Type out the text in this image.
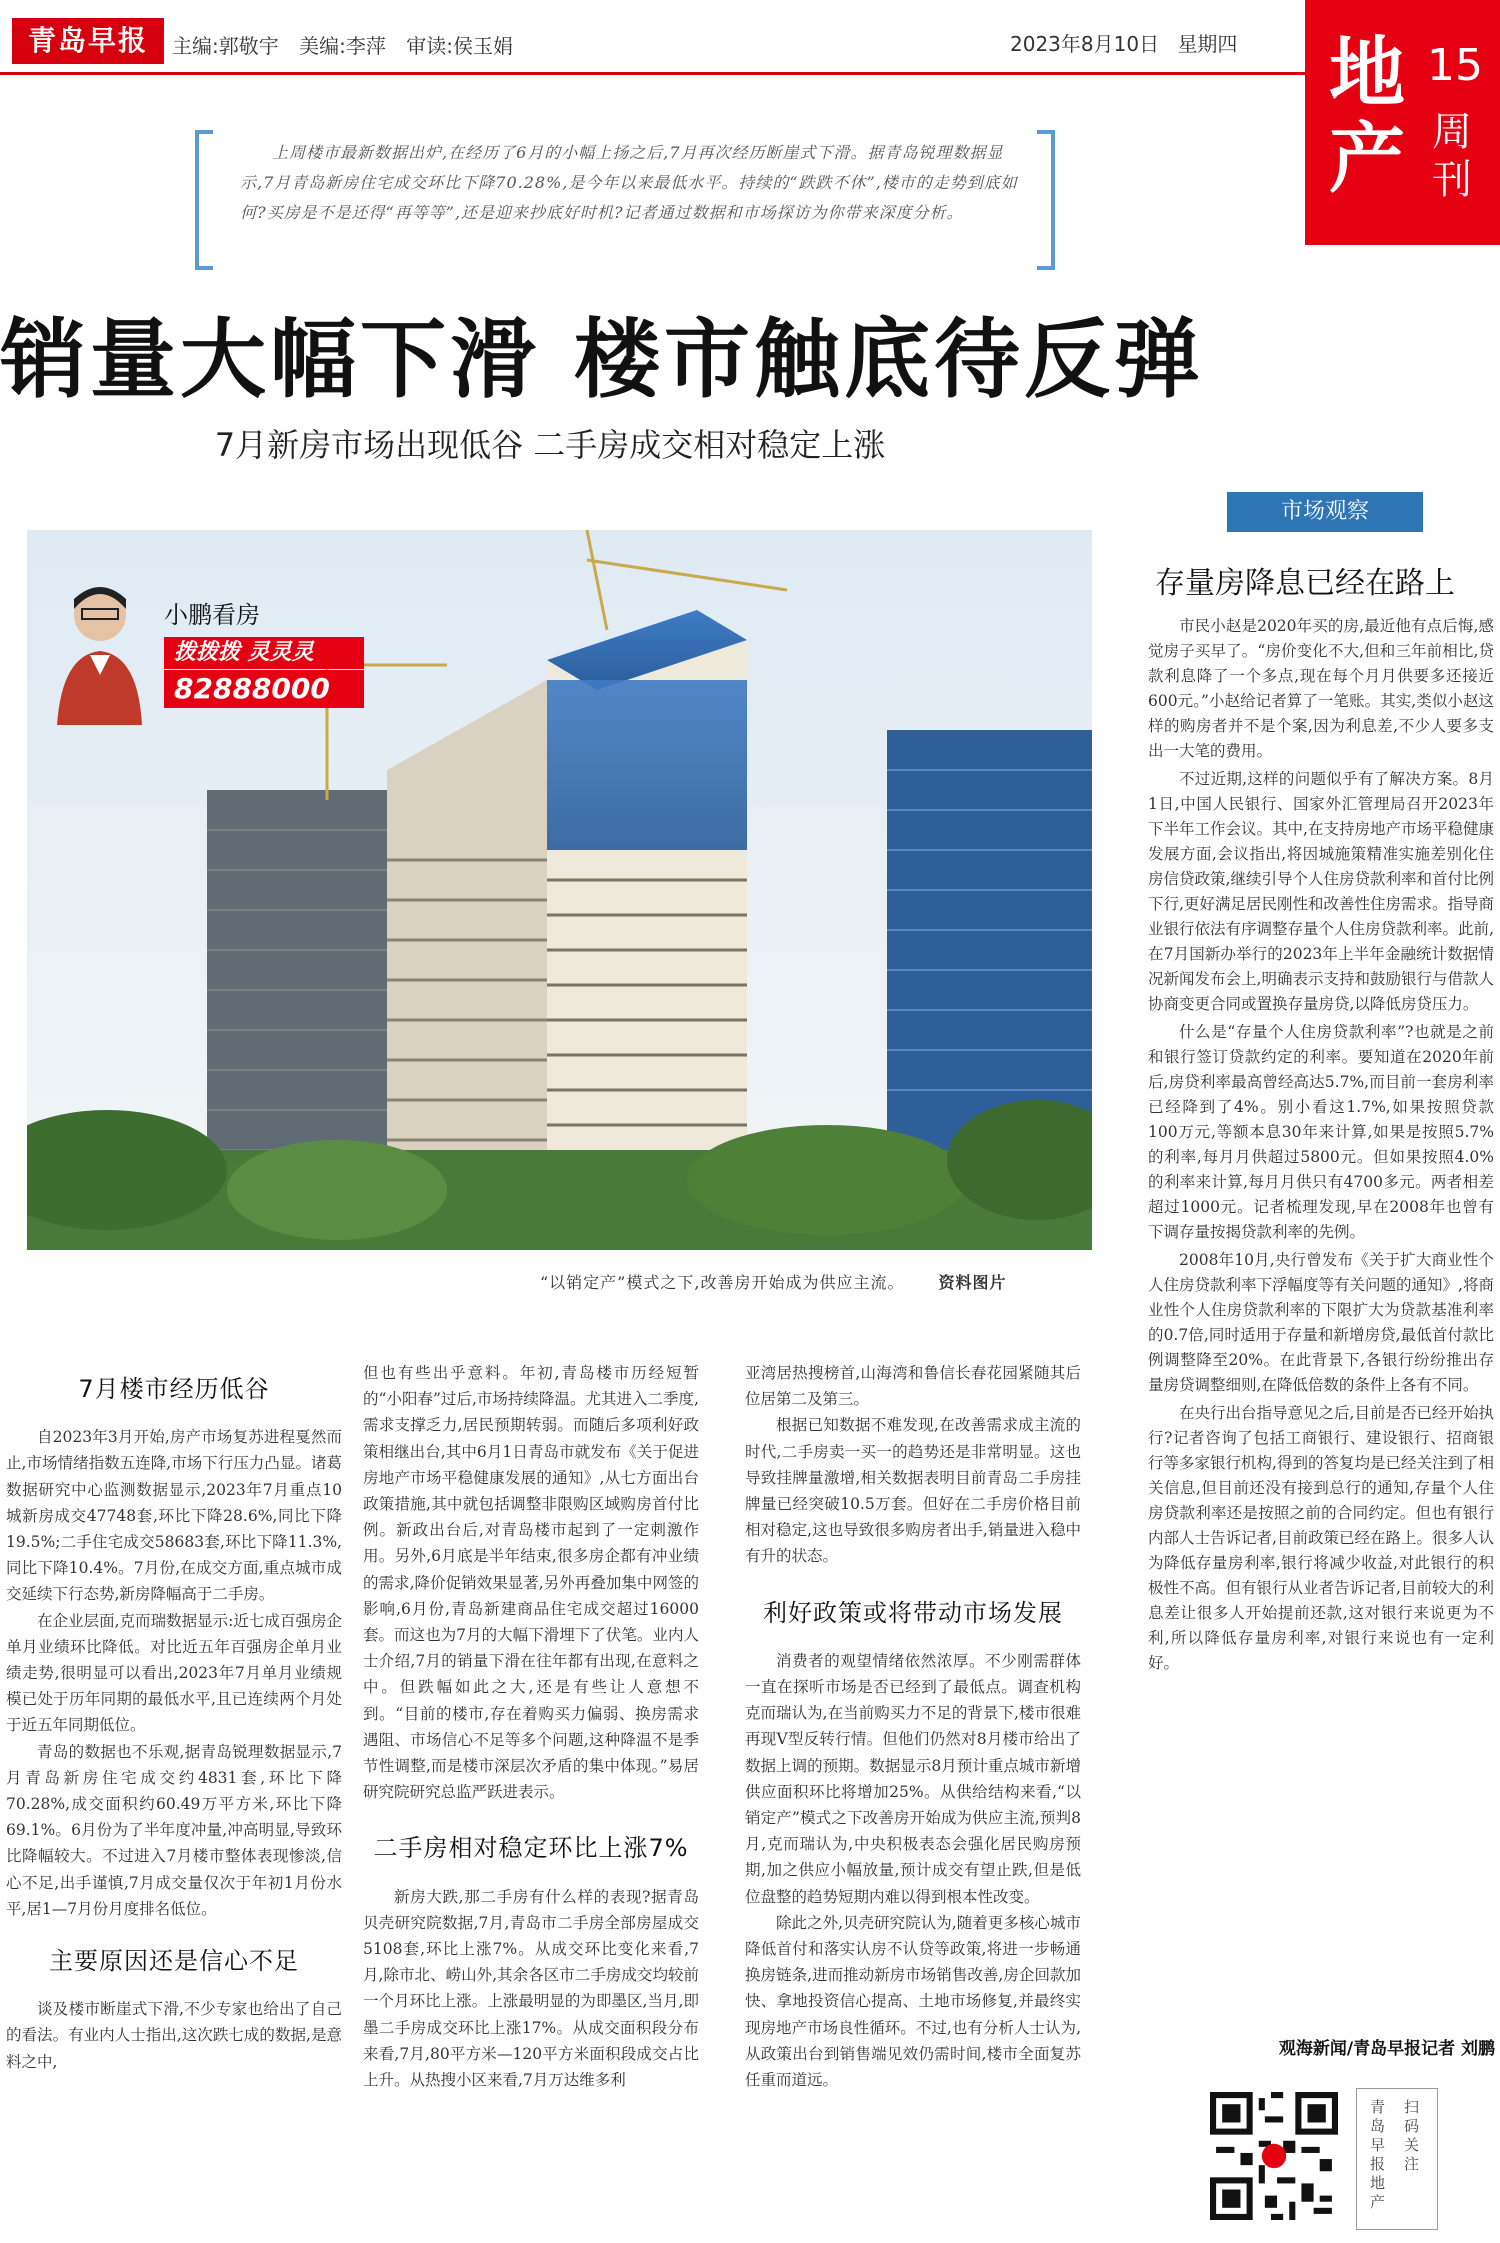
青岛早报	主编:郭敬宇 美编:李萍 审读:侯玉娟	2023年8月10日 星期四 地产
15
周刊
上周楼市最新数据出炉,在经历了6月的小幅上扬之后,7月再次经历断崖式下滑。据青岛锐理数据显示,7月青岛新房住宅成交环比下降70.28%,是今年以来最低水平。持续的“跌跌不休”,楼市的走势到底如何?买房是不是还得“再等等”,还是迎来抄底好时机?记者通过数据和市场探访为你带来深度分析。
销量大幅下滑 楼市触底待反弹
7月新房市场出现低谷 二手房成交相对稳定上涨
小鹏看房
拨拨拨 灵灵灵
82888000
“以销定产”模式之下,改善房开始成为供应主流。 资料图片
市场观察
存量房降息已经在路上

市民小赵是2020年买的房,最近他有点后悔,感觉房子买早了。“房价变化不大,但和三年前相比,贷款利息降了一个多点,现在每个月月供要多还接近600元。”小赵给记者算了一笔账。其实,类似小赵这样的购房者并不是个案,因为利息差,不少人要多支出一大笔的费用。

不过近期,这样的问题似乎有了解决方案。8月1日,中国人民银行、国家外汇管理局召开2023年下半年工作会议。其中,在支持房地产市场平稳健康发展方面,会议指出,将因城施策精准实施差别化住房信贷政策,继续引导个人住房贷款利率和首付比例下行,更好满足居民刚性和改善性住房需求。指导商业银行依法有序调整存量个人住房贷款利率。此前,在7月国新办举行的2023年上半年金融统计数据情况新闻发布会上,明确表示支持和鼓励银行与借款人协商变更合同或置换存量房贷,以降低房贷压力。

什么是“存量个人住房贷款利率”?也就是之前和银行签订贷款约定的利率。要知道在2020年前后,房贷利率最高曾经高达5.7%,而目前一套房利率已经降到了4%。别小看这1.7%,如果按照贷款100万元,等额本息30年来计算,如果是按照5.7%的利率,每月月供超过5800元。但如果按照4.0%的利率来计算,每月月供只有4700多元。两者相差超过1000元。记者梳理发现,早在2008年也曾有下调存量按揭贷款利率的先例。

2008年10月,央行曾发布《关于扩大商业性个人住房贷款利率下浮幅度等有关问题的通知》,将商业性个人住房贷款利率的下限扩大为贷款基准利率的0.7倍,同时适用于存量和新增房贷,最低首付款比例调整降至20%。在此背景下,各银行纷纷推出存量房贷调整细则,在降低倍数的条件上各有不同。

在央行出台指导意见之后,目前是否已经开始执行?记者咨询了包括工商银行、建设银行、招商银行等多家银行机构,得到的答复均是已经关注到了相关信息,但目前还没有接到总行的通知,存量个人住房贷款利率还是按照之前的合同约定。但也有银行内部人士告诉记者,目前政策已经在路上。很多人认为降低存量房利率,银行将减少收益,对此银行的积极性不高。但有银行从业者告诉记者,目前较大的利息差让很多人开始提前还款,这对银行来说更为不利,所以降低存量房利率,对银行来说也有一定利好。

观海新闻/青岛早报记者 刘鹏
青岛早报地产 扫码关注
7月楼市经历低谷

自2023年3月开始,房产市场复苏进程戛然而止,市场情绪指数五连降,市场下行压力凸显。诸葛数据研究中心监测数据显示,2023年7月重点10城新房成交47748套,环比下降28.6%,同比下降19.5%;二手住宅成交58683套,环比下降11.3%,同比下降10.4%。7月份,在成交方面,重点城市成交延续下行态势,新房降幅高于二手房。

在企业层面,克而瑞数据显示:近七成百强房企单月业绩环比降低。对比近五年百强房企单月业绩走势,很明显可以看出,2023年7月单月业绩规模已处于历年同期的最低水平,且已连续两个月处于近五年同期低位。

青岛的数据也不乐观,据青岛锐理数据显示,7月青岛新房住宅成交约4831套,环比下降70.28%,成交面积约60.49万平方米,环比下降69.1%。6月份为了半年度冲量,冲高明显,导致环比降幅较大。不过进入7月楼市整体表现惨淡,信心不足,出手谨慎,7月成交量仅次于年初1月份水平,居1—7月份月度排名低位。

主要原因还是信心不足

谈及楼市断崖式下滑,不少专家也给出了自己的看法。有业内人士指出,这次跌七成的数据,是意料之中,

但也有些出乎意料。年初,青岛楼市历经短暂的“小阳春”过后,市场持续降温。尤其进入二季度,需求支撑乏力,居民预期转弱。而随后多项利好政策相继出台,其中6月1日青岛市就发布《关于促进房地产市场平稳健康发展的通知》,从七方面出台政策措施,其中就包括调整非限购区域购房首付比例。新政出台后,对青岛楼市起到了一定刺激作用。另外,6月底是半年结束,很多房企都有冲业绩的需求,降价促销效果显著,另外再叠加集中网签的影响,6月份,青岛新建商品住宅成交超过16000套。而这也为7月的大幅下滑埋下了伏笔。业内人士介绍,7月的销量下滑在往年都有出现,在意料之中。但跌幅如此之大,还是有些让人意想不到。“目前的楼市,存在着购买力偏弱、换房需求遇阻、市场信心不足等多个问题,这种降温不是季节性调整,而是楼市深层次矛盾的集中体现。”易居研究院研究总监严跃进表示。

二手房相对稳定环比上涨7%

新房大跌,那二手房有什么样的表现?据青岛贝壳研究院数据,7月,青岛市二手房全部房屋成交5108套,环比上涨7%。从成交环比变化来看,7月,除市北、崂山外,其余各区市二手房成交均较前一个月环比上涨。上涨最明显的为即墨区,当月,即墨二手房成交环比上涨17%。从成交面积段分布来看,7月,80平方米—120平方米面积段成交占比上升。从热搜小区来看,7月万达维多利

亚湾居热搜榜首,山海湾和鲁信长春花园紧随其后位居第二及第三。

根据已知数据不难发现,在改善需求成主流的时代,二手房卖一买一的趋势还是非常明显。这也导致挂牌量激增,相关数据表明目前青岛二手房挂牌量已经突破10.5万套。但好在二手房价格目前相对稳定,这也导致很多购房者出手,销量进入稳中有升的状态。

利好政策或将带动市场发展

消费者的观望情绪依然浓厚。不少刚需群体一直在探听市场是否已经到了最低点。调查机构克而瑞认为,在当前购买力不足的背景下,楼市很难再现V型反转行情。但他们仍然对8月楼市给出了数据上调的预期。数据显示8月预计重点城市新增供应面积环比将增加25%。从供给结构来看,“以销定产”模式之下改善房开始成为供应主流,预判8月,克而瑞认为,中央积极表态会强化居民购房预期,加之供应小幅放量,预计成交有望止跌,但是低位盘整的趋势短期内难以得到根本性改变。

除此之外,贝壳研究院认为,随着更多核心城市降低首付和落实认房不认贷等政策,将进一步畅通换房链条,进而推动新房市场销售改善,房企回款加快、拿地投资信心提高、土地市场修复,并最终实现房地产市场良性循环。不过,也有分析人士认为,从政策出台到销售端见效仍需时间,楼市全面复苏任重而道远。
